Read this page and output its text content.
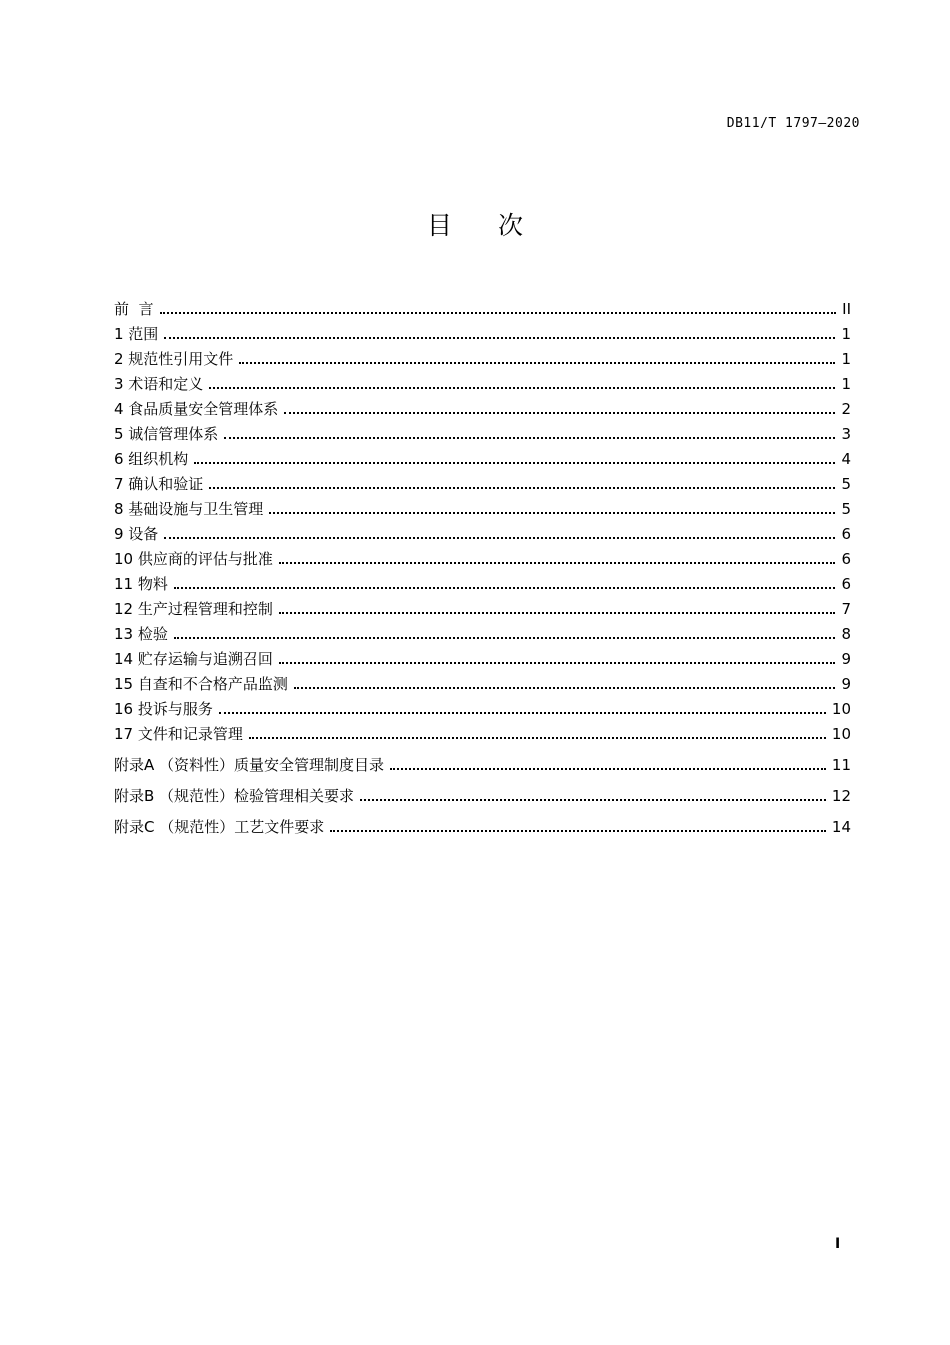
DB11/T 1797—2020
目次
前  言	II
1 范围	1
2 规范性引用文件	1
3 术语和定义	1
4 食品质量安全管理体系	2
5 诚信管理体系	3
6 组织机构	4
7 确认和验证	5
8 基础设施与卫生管理	5
9 设备	6
10 供应商的评估与批准	6
11 物料	6
12 生产过程管理和控制	7
13 检验	8
14 贮存运输与追溯召回	9
15 自查和不合格产品监测	9
16 投诉与服务	10
17 文件和记录管理	10
附录A （资料性）质量安全管理制度目录	11
附录B （规范性）检验管理相关要求	12
附录C （规范性）工艺文件要求	14
I
